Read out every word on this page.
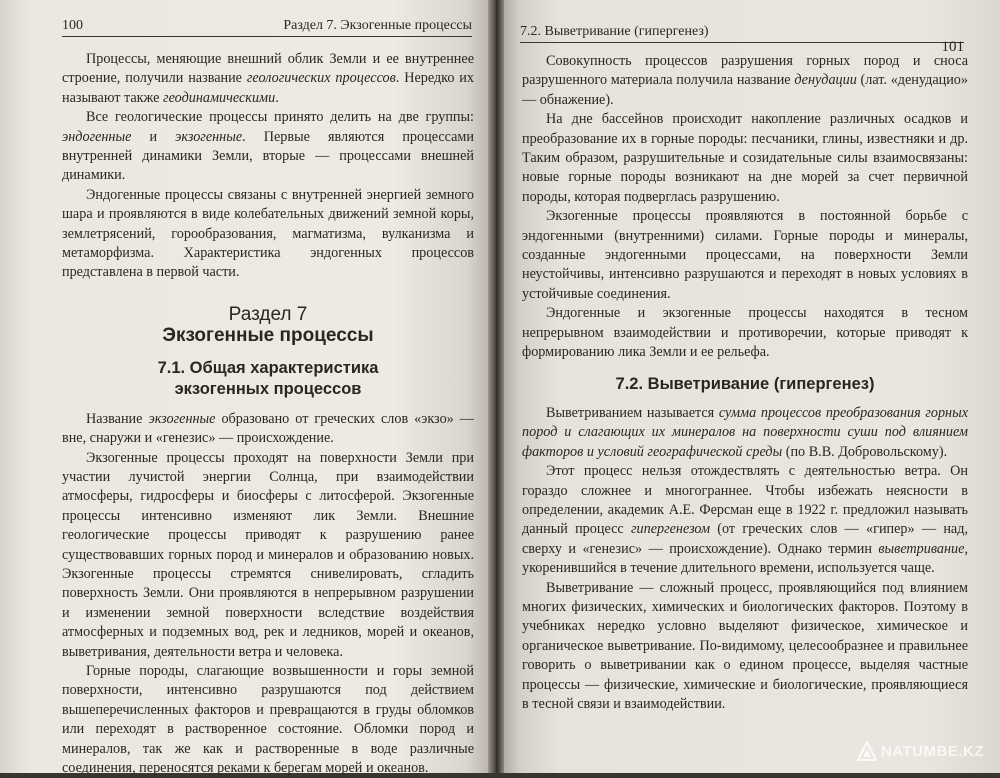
100	Раздел 7. Экзогенные процессы

Процессы, меняющие внешний облик Земли и ее внутреннее строение, получили название геологических процессов. Нередко их называют также геодинамическими.

Все геологические процессы принято делить на две группы: эндогенные и экзогенные. Первые являются процессами внутренней динамики Земли, вторые — процессами внешней динамики.

Эндогенные процессы связаны с внутренней энергией земного шара и проявляются в виде колебательных движений земной коры, землетрясений, горообразования, магматизма, вулканизма и метаморфизма. Характеристика эндогенных процессов представлена в первой части.

Раздел 7
Экзогенные процессы
7.1. Общая характеристика
экзогенных процессов

Название экзогенные образовано от греческих слов «экзо» — вне, снаружи и «генезис» — происхождение.

Экзогенные процессы проходят на поверхности Земли при участии лучистой энергии Солнца, при взаимодействии атмосферы, гидросферы и биосферы с литосферой. Экзогенные процессы интенсивно изменяют лик Земли. Внешние геологические процессы приводят к разрушению ранее существовавших горных пород и минералов и образованию новых. Экзогенные процессы стремятся снивелировать, сгладить поверхность Земли. Они проявляются в непрерывном разрушении и изменении земной поверхности вследствие воздействия атмосферных и подземных вод, рек и ледников, морей и океанов, выветривания, деятельности ветра и человека.

Горные породы, слагающие возвышенности и горы земной поверхности, интенсивно разрушаются под действием вышеперечисленных факторов и превращаются в груды обломков или переходят в растворенное состояние. Обломки пород и минералов, так же как и растворенные в воде различные соединения, переносятся реками к берегам морей и океанов.

7.2. Выветривание (гипергенез)
101

Совокупность процессов разрушения горных пород и сноса разрушенного материала получила название денудации (лат. «денудацио» — обнажение).

На дне бассейнов происходит накопление различных осадков и преобразование их в горные породы: песчаники, глины, известняки и др. Таким образом, разрушительные и созидательные силы взаимосвязаны: новые горные породы возникают на дне морей за счет первичной породы, которая подверглась разрушению.

Экзогенные процессы проявляются в постоянной борьбе с эндогенными (внутренними) силами. Горные породы и минералы, созданные эндогенными процессами, на поверхности Земли неустойчивы, интенсивно разрушаются и переходят в новых условиях в устойчивые соединения.

Эндогенные и экзогенные процессы находятся в тесном непрерывном взаимодействии и противоречии, которые приводят к формированию лика Земли и ее рельефа.

7.2. Выветривание (гипергенез)

Выветриванием называется сумма процессов преобразования горных пород и слагающих их минералов на поверхности суши под влиянием факторов и условий географической среды (по В.В. Добровольскому).

Этот процесс нельзя отождествлять с деятельностью ветра. Он гораздо сложнее и многограннее. Чтобы избежать неясности в определении, академик А.Е. Ферсман еще в 1922 г. предложил называть данный процесс гипергенезом (от греческих слов — «гипер» — над, сверху и «генезис» — происхождение). Однако термин выветривание, укоренившийся в течение длительного времени, используется чаще.

Выветривание — сложный процесс, проявляющийся под влиянием многих физических, химических и биологических факторов. Поэтому в учебниках нередко условно выделяют физическое, химическое и органическое выветривание. По-видимому, целесообразнее и правильнее говорить о выветривании как о едином процессе, выделяя частные процессы — физические, химические и биологические, проявляющиеся в тесной связи и взаимодействии.

NATUMBE.KZ
